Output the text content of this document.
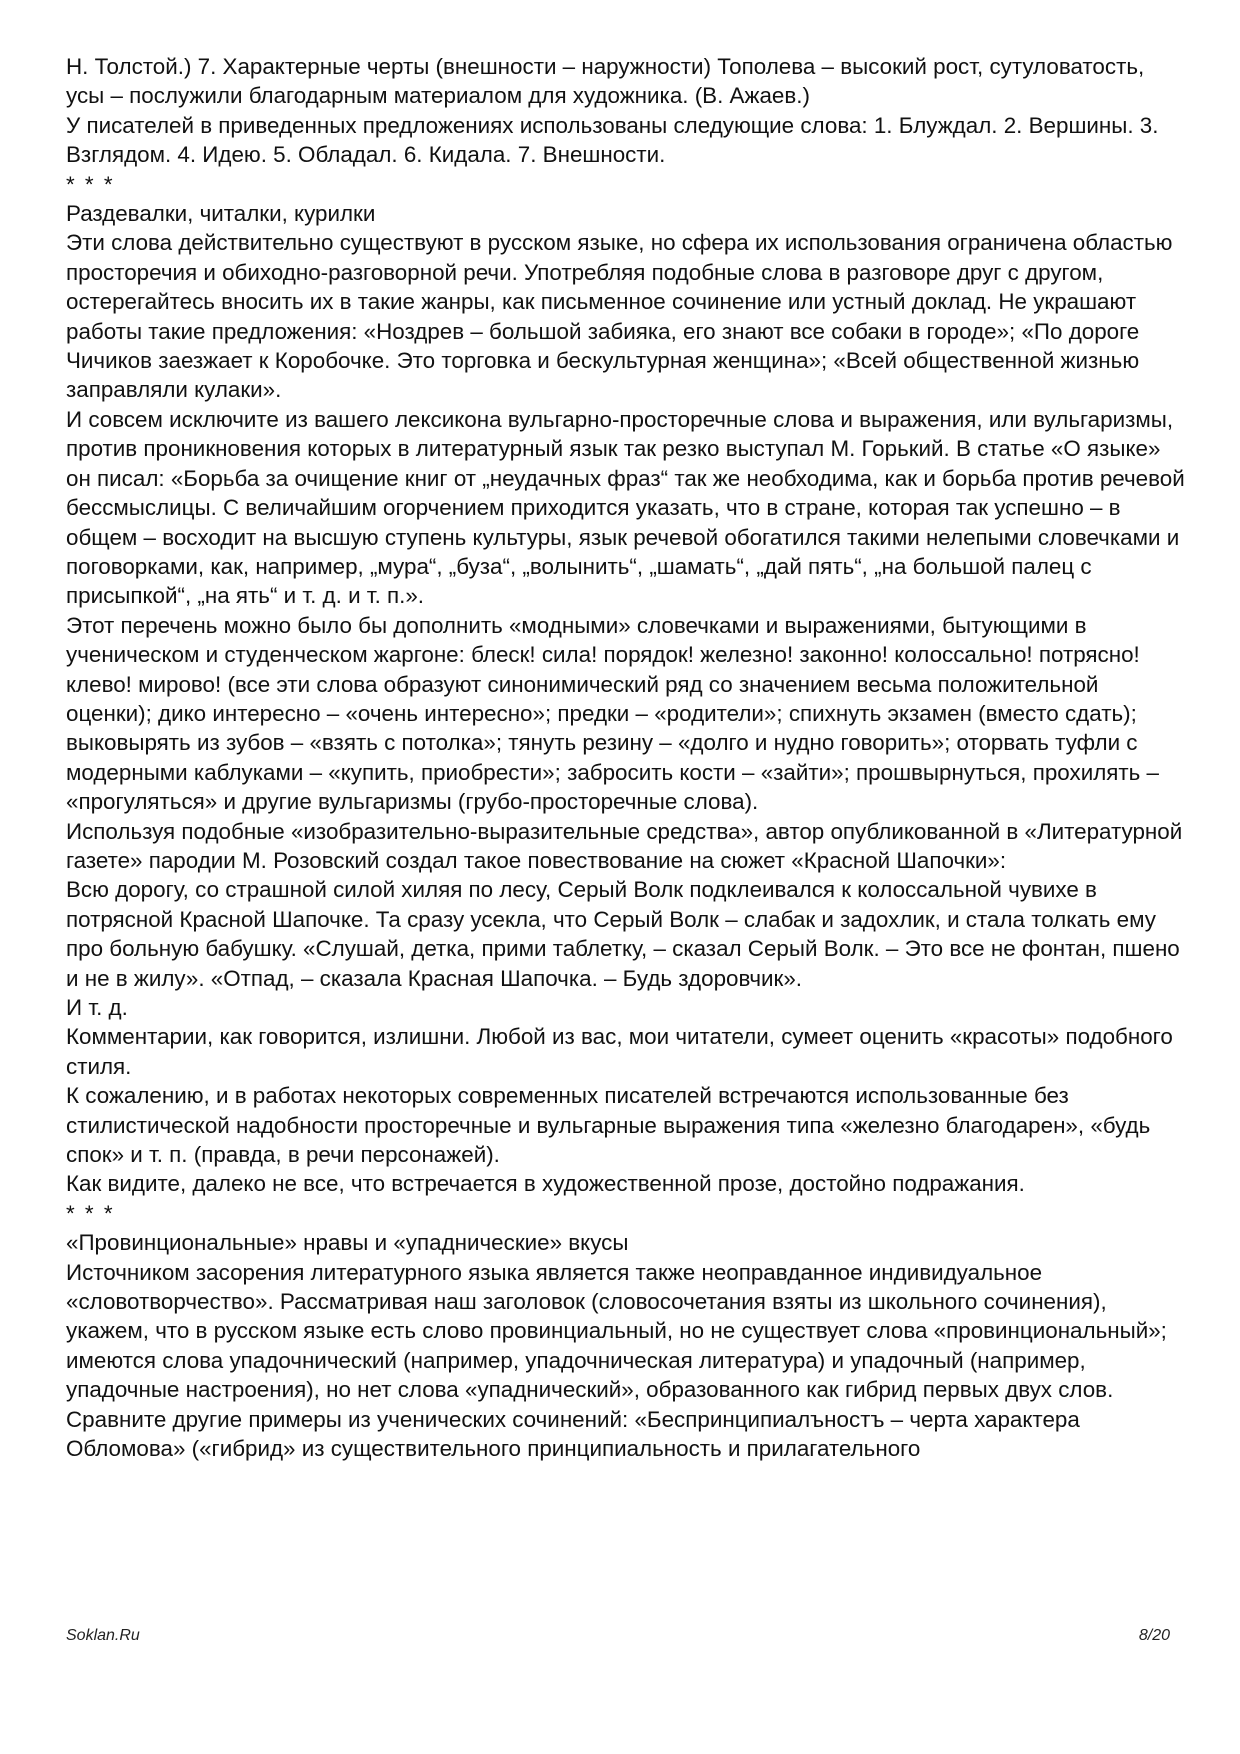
Н. Толстой.) 7. Характерные черты (внешности – наружности) Тополева – высокий рост, сутуловатость, усы – послужили благодарным материалом для художника. (В. Ажаев.)

У писателей в приведенных предложениях использованы следующие слова: 1. Блуждал. 2. Вершины. 3. Взглядом. 4. Идею. 5. Обладал. 6. Кидала. 7. Внешности.

* * *

Раздевалки, читалки, курилки

Эти слова действительно существуют в русском языке, но сфера их использования ограничена областью просторечия и обиходно-разговорной речи. Употребляя подобные слова в разговоре друг с другом, остерегайтесь вносить их в такие жанры, как письменное сочинение или устный доклад. Не украшают работы такие предложения: «Ноздрев – большой забияка, его знают все собаки в городе»; «По дороге Чичиков заезжает к Коробочке. Это торговка и бескультурная женщина»; «Всей общественной жизнью заправляли кулаки».

И совсем исключите из вашего лексикона вульгарно-просторечные слова и выражения, или вульгаризмы, против проникновения которых в литературный язык так резко выступал М. Горький. В статье «О языке» он писал: «Борьба за очищение книг от „неудачных фраз“ так же необходима, как и борьба против речевой бессмыслицы. С величайшим огорчением приходится указать, что в стране, которая так успешно – в общем – восходит на высшую ступень культуры, язык речевой обогатился такими нелепыми словечками и поговорками, как, например, „мура“, „буза“, „волынить“, „шамать“, „дай пять“, „на большой палец с присыпкой“, „на ять“ и т. д. и т. п.».

Этот перечень можно было бы дополнить «модными» словечками и выражениями, бытующими в ученическом и студенческом жаргоне: блеск! сила! порядок! железно! законно! колоссально! потрясно! клево! мирово! (все эти слова образуют синонимический ряд со значением весьма положительной оценки); дико интересно – «очень интересно»; предки – «родители»; спихнуть экзамен (вместо сдать); выковырять из зубов – «взять с потолка»; тянуть резину – «долго и нудно говорить»; оторвать туфли с модерными каблуками – «купить, приобрести»; забросить кости – «зайти»; прошвырнуться, прохилять – «прогуляться» и другие вульгаризмы (грубо-просторечные слова).

Используя подобные «изобразительно-выразительные средства», автор опубликованной в «Литературной газете» пародии М. Розовский создал такое повествование на сюжет «Красной Шапочки»:

Всю дорогу, со страшной силой хиляя по лесу, Серый Волк подклеивался к колоссальной чувихе в потрясной Красной Шапочке. Та сразу усекла, что Серый Волк – слабак и задохлик, и стала толкать ему про больную бабушку. «Слушай, детка, прими таблетку, – сказал Серый Волк. – Это все не фонтан, пшено и не в жилу». «Отпад, – сказала Красная Шапочка. – Будь здоровчик».

И т. д.

Комментарии, как говорится, излишни. Любой из вас, мои читатели, сумеет оценить «красоты» подобного стиля.

К сожалению, и в работах некоторых современных писателей встречаются использованные без стилистической надобности просторечные и вульгарные выражения типа «железно благодарен», «будь спок» и т. п. (правда, в речи персонажей).

Как видите, далеко не все, что встречается в художественной прозе, достойно подражания.

* * *

«Провинциональные» нравы и «упаднические» вкусы

Источником засорения литературного языка является также неоправданное индивидуальное «словотворчество». Рассматривая наш заголовок (словосочетания взяты из школьного сочинения), укажем, что в русском языке есть слово провинциальный, но не существует слова «провинциональный»; имеются слова упадочнический (например, упадочническая литература) и упадочный (например, упадочные настроения), но нет слова «упаднический», образованного как гибрид первых двух слов.

Сравните другие примеры из ученических сочинений: «Беспринципиалъностъ – черта характера Обломова» («гибрид» из существительного принципиальность и прилагательного

Soklan.Ru	8/20
